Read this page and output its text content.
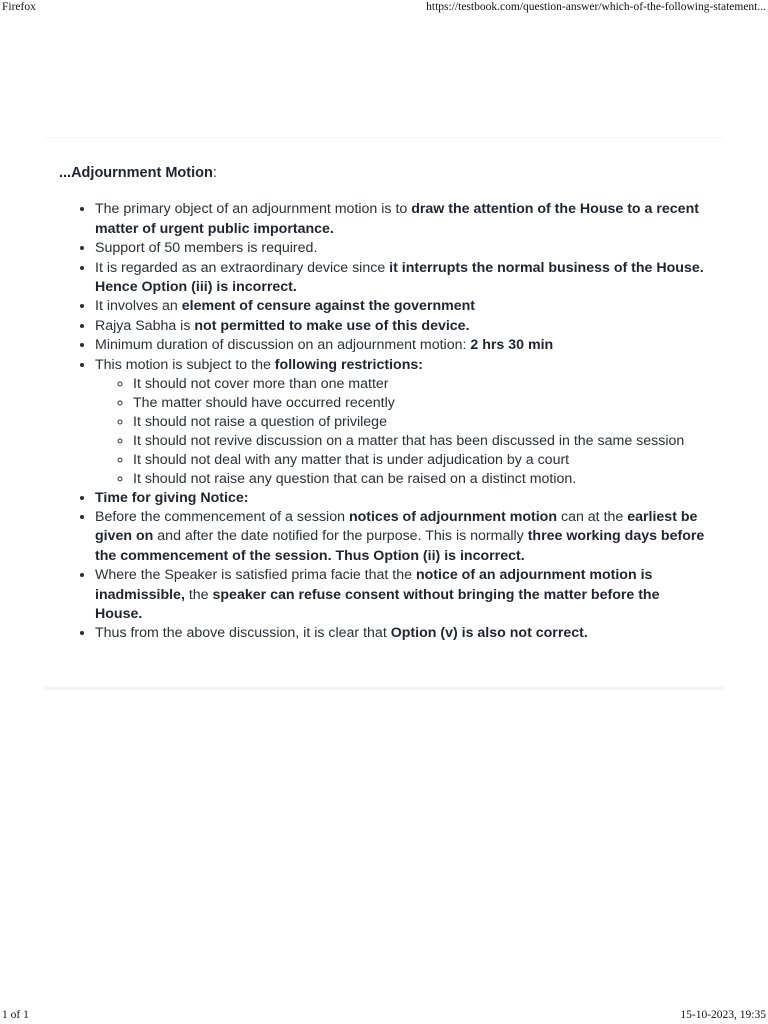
Firefox	https://testbook.com/question-answer/which-of-the-following-statement...

...Adjournment Motion:

• The primary object of an adjournment motion is to draw the attention of the House to a recent matter of urgent public importance.
• Support of 50 members is required.
• It is regarded as an extraordinary device since it interrupts the normal business of the House. Hence Option (iii) is incorrect.
• It involves an element of censure against the government
• Rajya Sabha is not permitted to make use of this device.
• Minimum duration of discussion on an adjournment motion: 2 hrs 30 min
• This motion is subject to the following restrictions:
◦ It should not cover more than one matter
◦ The matter should have occurred recently
◦ It should not raise a question of privilege
◦ It should not revive discussion on a matter that has been discussed in the same session
◦ It should not deal with any matter that is under adjudication by a court
◦ It should not raise any question that can be raised on a distinct motion.
• Time for giving Notice:
• Before the commencement of a session notices of adjournment motion can at the earliest be given on and after the date notified for the purpose. This is normally three working days before the commencement of the session. Thus Option (ii) is incorrect.
• Where the Speaker is satisfied prima facie that the notice of an adjournment motion is inadmissible, the speaker can refuse consent without bringing the matter before the House.
• Thus from the above discussion, it is clear that Option (v) is also not correct.
1 of 1	15-10-2023, 19:35
